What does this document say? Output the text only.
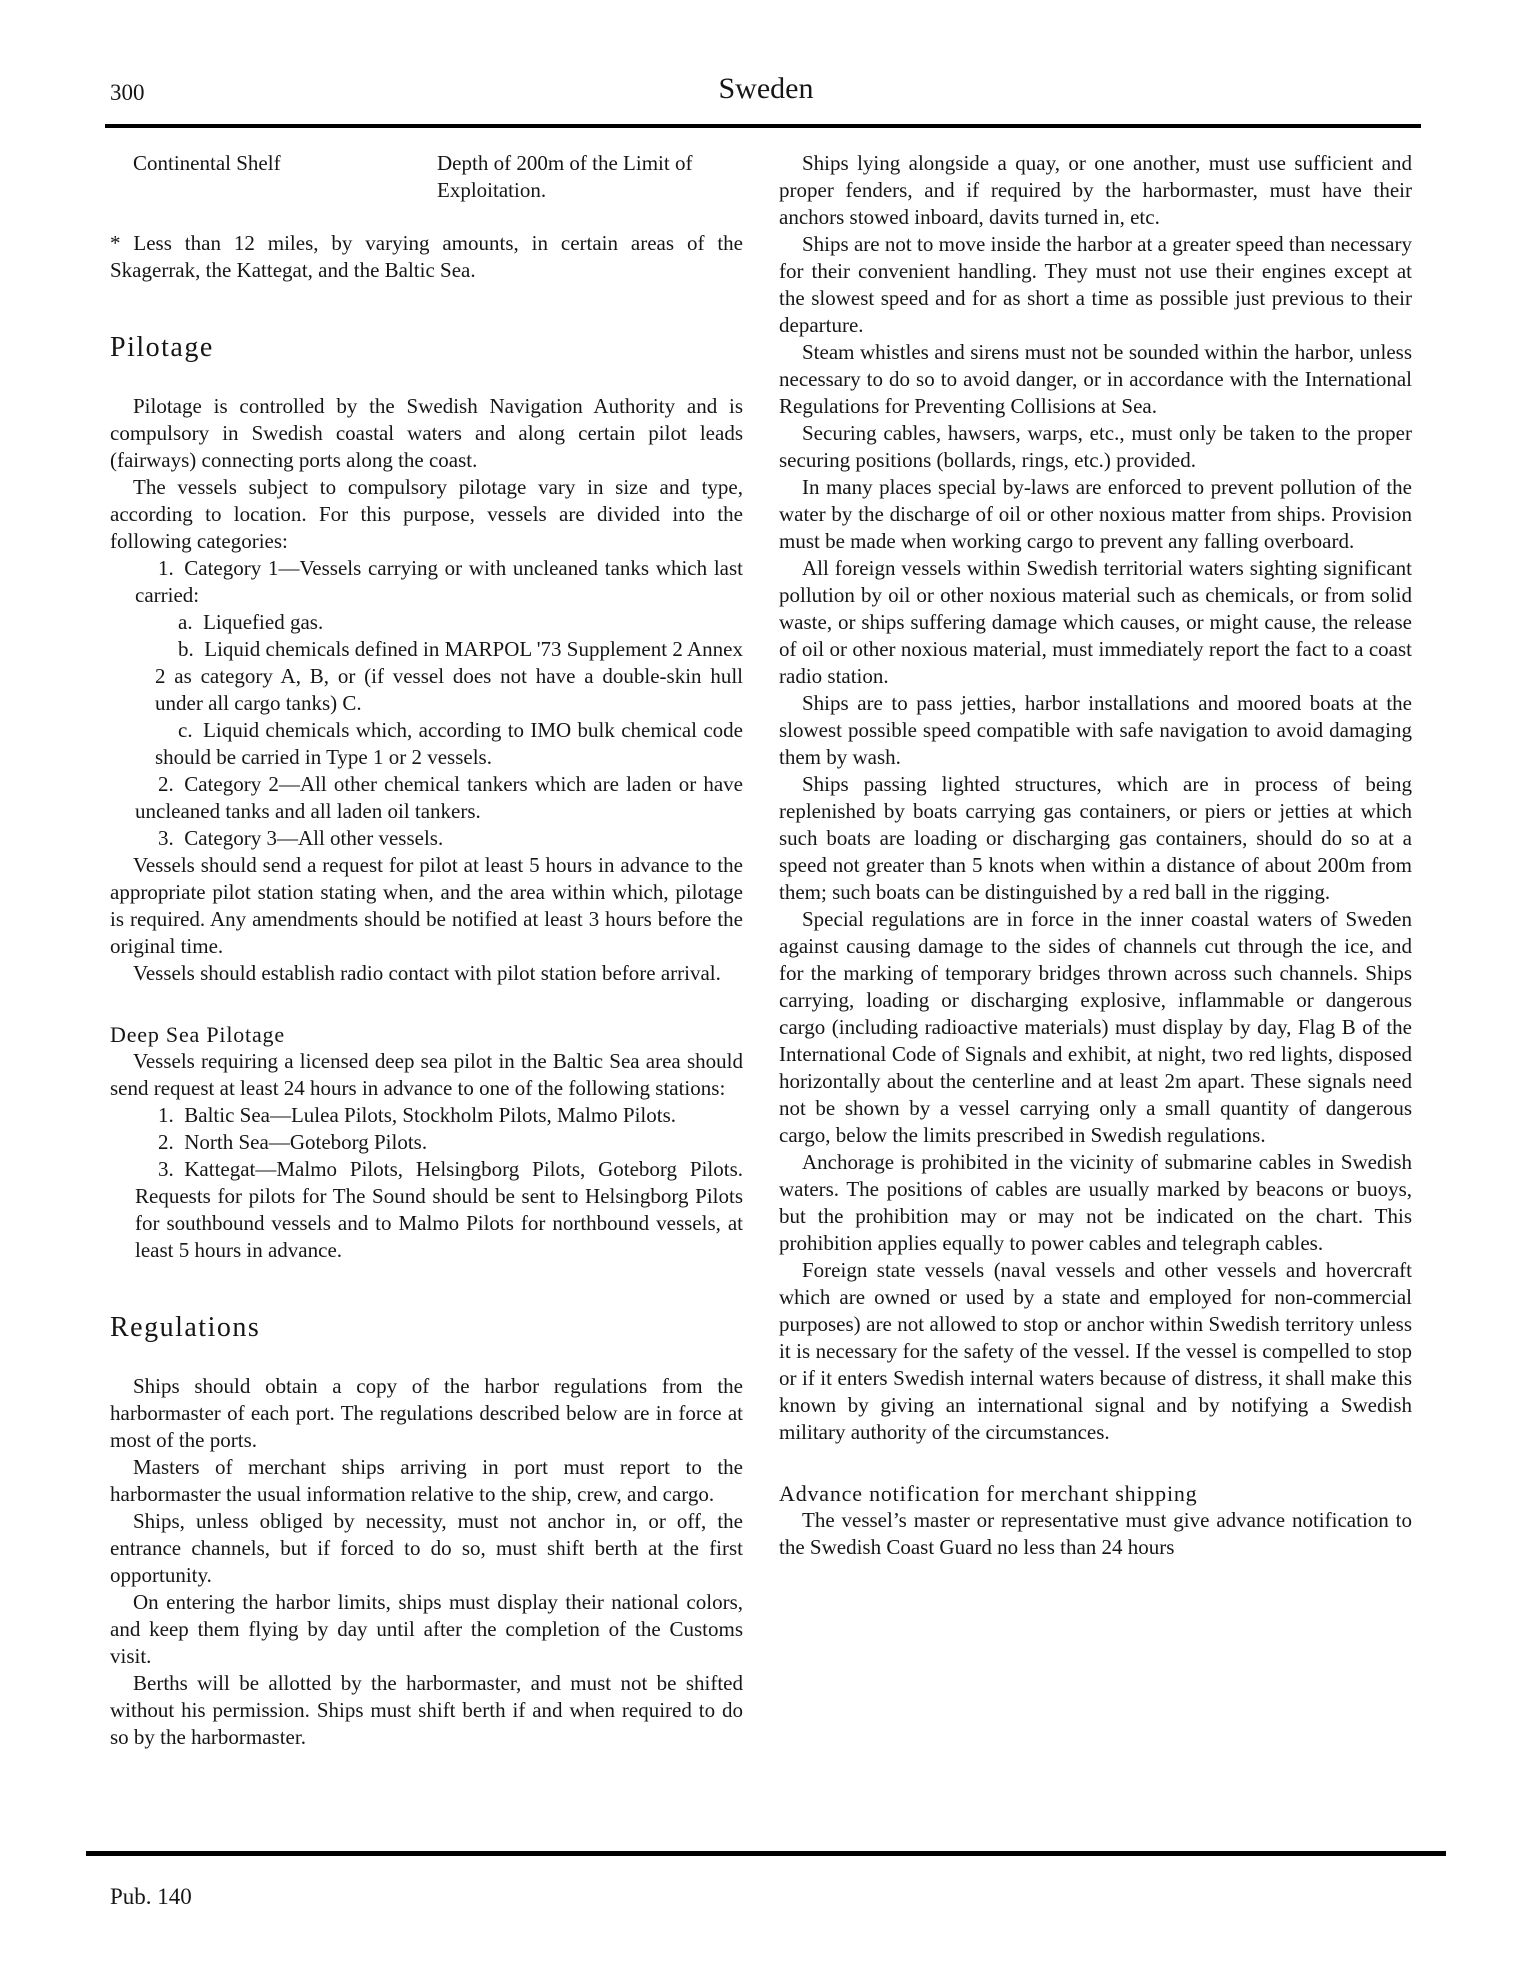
300	Sweden
Continental Shelf	Depth of 200m of the Limit of Exploitation.

* Less than 12 miles, by varying amounts, in certain areas of the Skagerrak, the Kattegat, and the Baltic Sea.

Pilotage

Pilotage is controlled by the Swedish Navigation Authority and is compulsory in Swedish coastal waters and along certain pilot leads (fairways) connecting ports along the coast.

The vessels subject to compulsory pilotage vary in size and type, according to location. For this purpose, vessels are divided into the following categories:

1. Category 1—Vessels carrying or with uncleaned tanks which last carried:

a. Liquefied gas.

b. Liquid chemicals defined in MARPOL '73 Supplement 2 Annex 2 as category A, B, or (if vessel does not have a double-skin hull under all cargo tanks) C.

c. Liquid chemicals which, according to IMO bulk chemical code should be carried in Type 1 or 2 vessels.

2. Category 2—All other chemical tankers which are laden or have uncleaned tanks and all laden oil tankers.

3. Category 3—All other vessels.

Vessels should send a request for pilot at least 5 hours in advance to the appropriate pilot station stating when, and the area within which, pilotage is required. Any amendments should be notified at least 3 hours before the original time.

Vessels should establish radio contact with pilot station before arrival.

Deep Sea Pilotage

Vessels requiring a licensed deep sea pilot in the Baltic Sea area should send request at least 24 hours in advance to one of the following stations:

1. Baltic Sea—Lulea Pilots, Stockholm Pilots, Malmo Pilots.

2. North Sea—Goteborg Pilots.

3. Kattegat—Malmo Pilots, Helsingborg Pilots, Goteborg Pilots. Requests for pilots for The Sound should be sent to Helsingborg Pilots for southbound vessels and to Malmo Pilots for northbound vessels, at least 5 hours in advance.

Regulations

Ships should obtain a copy of the harbor regulations from the harbormaster of each port. The regulations described below are in force at most of the ports.

Masters of merchant ships arriving in port must report to the harbormaster the usual information relative to the ship, crew, and cargo.

Ships, unless obliged by necessity, must not anchor in, or off, the entrance channels, but if forced to do so, must shift berth at the first opportunity.

On entering the harbor limits, ships must display their national colors, and keep them flying by day until after the completion of the Customs visit.

Berths will be allotted by the harbormaster, and must not be shifted without his permission. Ships must shift berth if and when required to do so by the harbormaster.

Ships lying alongside a quay, or one another, must use sufficient and proper fenders, and if required by the harbormaster, must have their anchors stowed inboard, davits turned in, etc.

Ships are not to move inside the harbor at a greater speed than necessary for their convenient handling. They must not use their engines except at the slowest speed and for as short a time as possible just previous to their departure.

Steam whistles and sirens must not be sounded within the harbor, unless necessary to do so to avoid danger, or in accordance with the International Regulations for Preventing Collisions at Sea.

Securing cables, hawsers, warps, etc., must only be taken to the proper securing positions (bollards, rings, etc.) provided.

In many places special by-laws are enforced to prevent pollution of the water by the discharge of oil or other noxious matter from ships. Provision must be made when working cargo to prevent any falling overboard.

All foreign vessels within Swedish territorial waters sighting significant pollution by oil or other noxious material such as chemicals, or from solid waste, or ships suffering damage which causes, or might cause, the release of oil or other noxious material, must immediately report the fact to a coast radio station.

Ships are to pass jetties, harbor installations and moored boats at the slowest possible speed compatible with safe navigation to avoid damaging them by wash.

Ships passing lighted structures, which are in process of being replenished by boats carrying gas containers, or piers or jetties at which such boats are loading or discharging gas containers, should do so at a speed not greater than 5 knots when within a distance of about 200m from them; such boats can be distinguished by a red ball in the rigging.

Special regulations are in force in the inner coastal waters of Sweden against causing damage to the sides of channels cut through the ice, and for the marking of temporary bridges thrown across such channels. Ships carrying, loading or discharging explosive, inflammable or dangerous cargo (including radioactive materials) must display by day, Flag B of the International Code of Signals and exhibit, at night, two red lights, disposed horizontally about the centerline and at least 2m apart. These signals need not be shown by a vessel carrying only a small quantity of dangerous cargo, below the limits prescribed in Swedish regulations.

Anchorage is prohibited in the vicinity of submarine cables in Swedish waters. The positions of cables are usually marked by beacons or buoys, but the prohibition may or may not be indicated on the chart. This prohibition applies equally to power cables and telegraph cables.

Foreign state vessels (naval vessels and other vessels and hovercraft which are owned or used by a state and employed for non-commercial purposes) are not allowed to stop or anchor within Swedish territory unless it is necessary for the safety of the vessel. If the vessel is compelled to stop or if it enters Swedish internal waters because of distress, it shall make this known by giving an international signal and by notifying a Swedish military authority of the circumstances.

Advance notification for merchant shipping

The vessel’s master or representative must give advance notification to the Swedish Coast Guard no less than 24 hours

Pub. 140
